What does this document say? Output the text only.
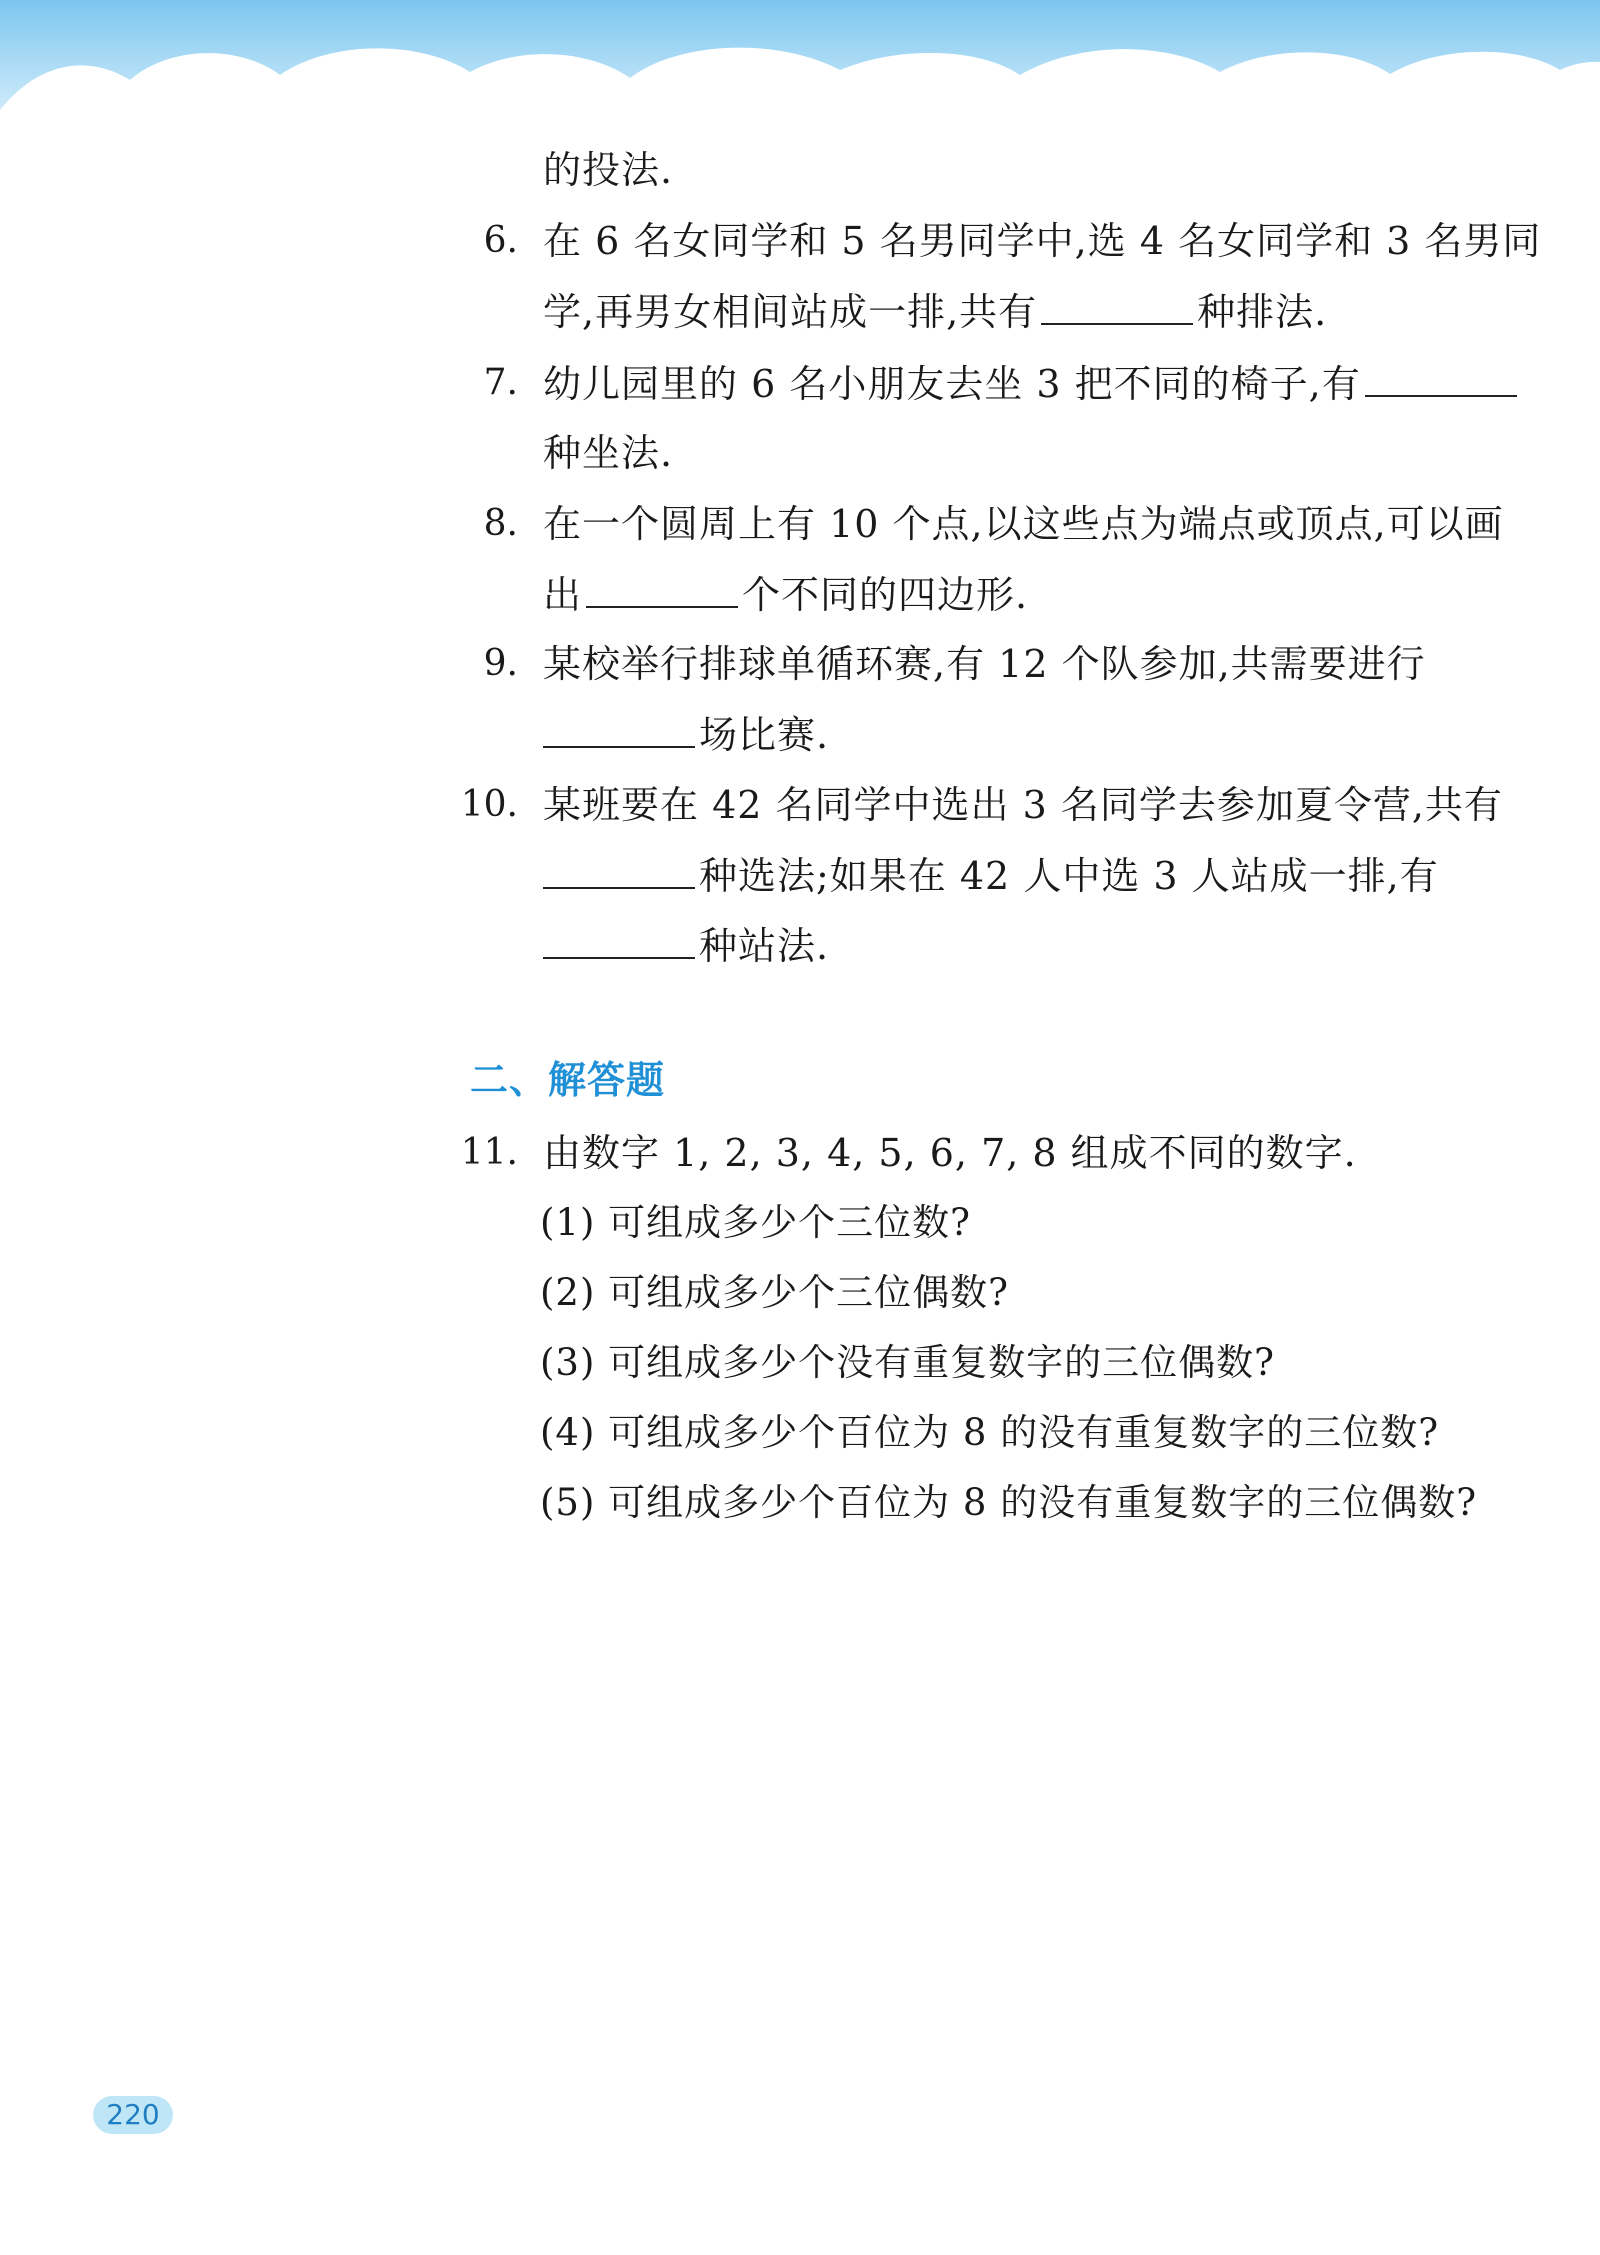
的投法.
6. 在 6 名女同学和 5 名男同学中,选 4 名女同学和 3 名男同
学,再男女相间站成一排,共有	种排法.
7. 幼儿园里的 6 名小朋友去坐 3 把不同的椅子,有
种坐法.
8. 在一个圆周上有 10 个点,以这些点为端点或顶点,可以画
出	个不同的四边形.
9. 某校举行排球单循环赛,有 12 个队参加,共需要进行
场比赛.
10. 某班要在 42 名同学中选出 3 名同学去参加夏令营,共有
种选法;如果在 42 人中选 3 人站成一排,有
种站法.
二、解答题
11. 由数字 1, 2, 3, 4, 5, 6, 7, 8 组成不同的数字.
(1) 可组成多少个三位数?
(2) 可组成多少个三位偶数?
(3) 可组成多少个没有重复数字的三位偶数?
(4) 可组成多少个百位为 8 的没有重复数字的三位数?
(5) 可组成多少个百位为 8 的没有重复数字的三位偶数?
220
